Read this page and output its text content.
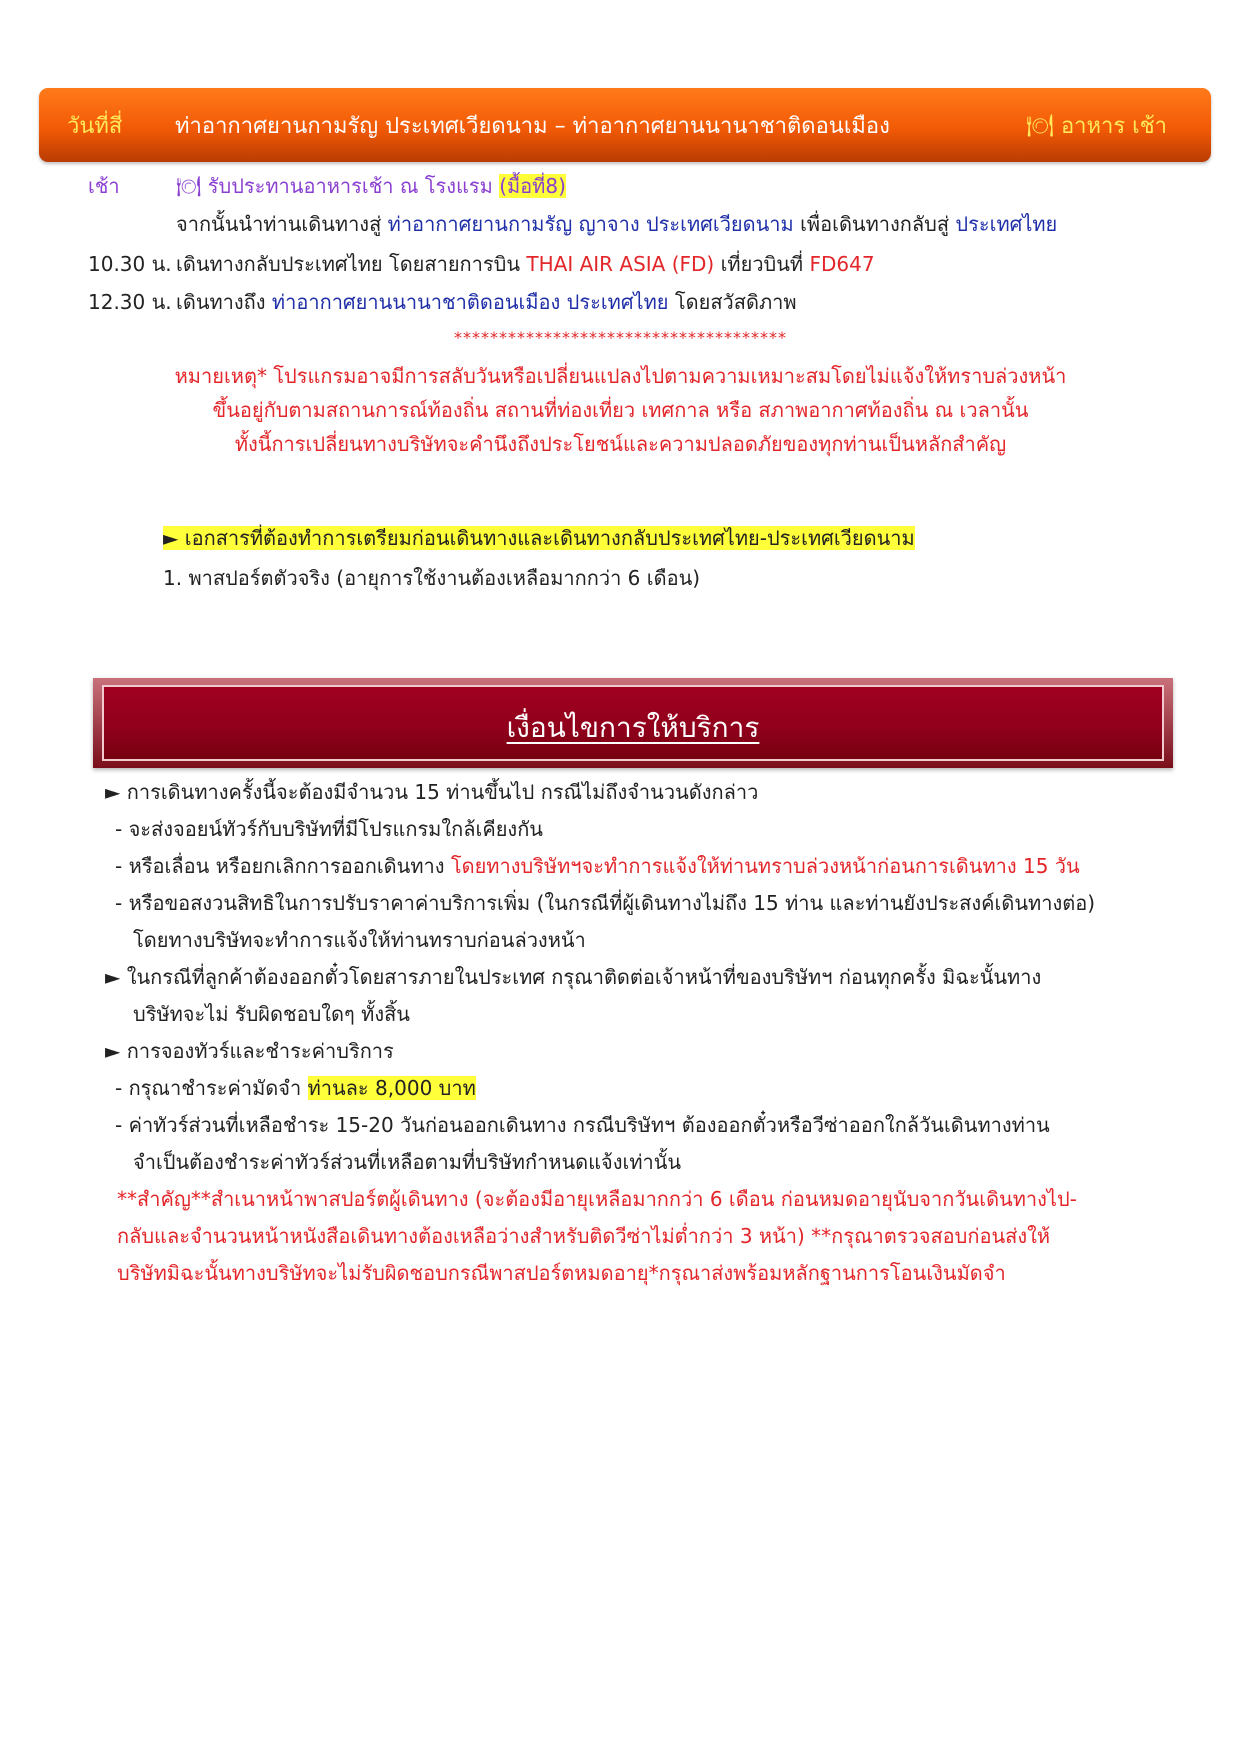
วันที่สี่ ท่าอากาศยานกามรัญ ประเทศเวียดนาม – ท่าอากาศยานนานาชาติดอนเมือง	🍽 อาหาร เช้า
เช้า	🍽 รับประทานอาหารเช้า ณ โรงแรม (มื้อที่8)
จากนั้นนำท่านเดินทางสู่ ท่าอากาศยานกามรัญ ญาจาง ประเทศเวียดนาม เพื่อเดินทางกลับสู่ ประเทศไทย
10.30 น. เดินทางกลับประเทศไทย โดยสายการบิน THAI AIR ASIA (FD) เที่ยวบินที่ FD647
12.30 น. เดินทางถึง ท่าอากาศยานนานาชาติดอนเมือง ประเทศไทย โดยสวัสดิภาพ
*************************************
หมายเหตุ* โปรแกรมอาจมีการสลับวันหรือเปลี่ยนแปลงไปตามความเหมาะสมโดยไม่แจ้งให้ทราบล่วงหน้า
ขึ้นอยู่กับตามสถานการณ์ท้องถิ่น สถานที่ท่องเที่ยว เทศกาล หรือ สภาพอากาศท้องถิ่น ณ เวลานั้น
ทั้งนี้การเปลี่ยนทางบริษัทจะคำนึงถึงประโยชน์และความปลอดภัยของทุกท่านเป็นหลักสำคัญ
► เอกสารที่ต้องทำการเตรียมก่อนเดินทางและเดินทางกลับประเทศไทย-ประเทศเวียดนาม
1. พาสปอร์ตตัวจริง (อายุการใช้งานต้องเหลือมากกว่า 6 เดือน)
เงื่อนไขการให้บริการ
► การเดินทางครั้งนี้จะต้องมีจำนวน 15 ท่านขึ้นไป กรณีไม่ถึงจำนวนดังกล่าว
- จะส่งจอยน์ทัวร์กับบริษัทที่มีโปรแกรมใกล้เคียงกัน
- หรือเลื่อน หรือยกเลิกการออกเดินทาง โดยทางบริษัทฯจะทำการแจ้งให้ท่านทราบล่วงหน้าก่อนการเดินทาง 15 วัน
- หรือขอสงวนสิทธิในการปรับราคาค่าบริการเพิ่ม (ในกรณีที่ผู้เดินทางไม่ถึง 15 ท่าน และท่านยังประสงค์เดินทางต่อ)
โดยทางบริษัทจะทำการแจ้งให้ท่านทราบก่อนล่วงหน้า
► ในกรณีที่ลูกค้าต้องออกตั๋วโดยสารภายในประเทศ กรุณาติดต่อเจ้าหน้าที่ของบริษัทฯ ก่อนทุกครั้ง มิฉะนั้นทาง
บริษัทจะไม่ รับผิดชอบใดๆ ทั้งสิ้น
► การจองทัวร์และชำระค่าบริการ
- กรุณาชำระค่ามัดจำ ท่านละ 8,000 บาท
- ค่าทัวร์ส่วนที่เหลือชำระ 15-20 วันก่อนออกเดินทาง กรณีบริษัทฯ ต้องออกตั๋วหรือวีซ่าออกใกล้วันเดินทางท่าน
จำเป็นต้องชำระค่าทัวร์ส่วนที่เหลือตามที่บริษัทกำหนดแจ้งเท่านั้น
**สำคัญ**สำเนาหน้าพาสปอร์ตผู้เดินทาง (จะต้องมีอายุเหลือมากกว่า 6 เดือน ก่อนหมดอายุนับจากวันเดินทางไป-
กลับและจำนวนหน้าหนังสือเดินทางต้องเหลือว่างสำหรับติดวีซ่าไม่ต่ำกว่า 3 หน้า) **กรุณาตรวจสอบก่อนส่งให้
บริษัทมิฉะนั้นทางบริษัทจะไม่รับผิดชอบกรณีพาสปอร์ตหมดอายุ*กรุณาส่งพร้อมหลักฐานการโอนเงินมัดจำ
